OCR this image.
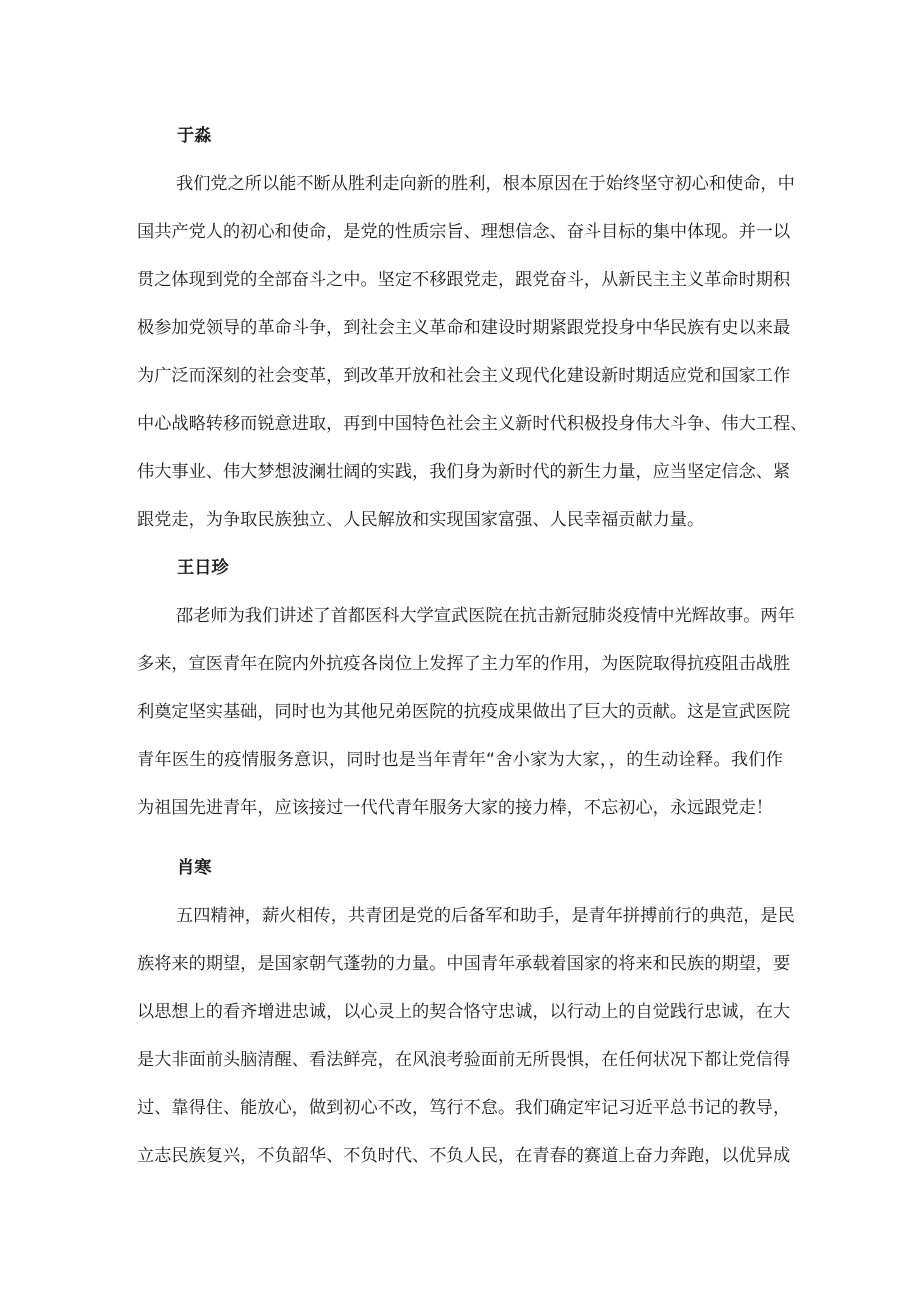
于淼

我们党之所以能不断从胜利走向新的胜利，根本原因在于始终坚守初心和使命，中

国共产党人的初心和使命，是党的性质宗旨、理想信念、奋斗目标的集中体现。并一以

贯之体现到党的全部奋斗之中。坚定不移跟党走，跟党奋斗，从新民主主义革命时期积

极参加党领导的革命斗争，到社会主义革命和建设时期紧跟党投身中华民族有史以来最

为广泛而深刻的社会变革，到改革开放和社会主义现代化建设新时期适应党和国家工作

中心战略转移而锐意进取，再到中国特色社会主义新时代积极投身伟大斗争、伟大工程、

伟大事业、伟大梦想波澜壮阔的实践，我们身为新时代的新生力量，应当坚定信念、紧

跟党走，为争取民族独立、人民解放和实现国家富强、人民幸福贡献力量。

王日珍

邵老师为我们讲述了首都医科大学宣武医院在抗击新冠肺炎疫情中光辉故事。两年

多来，宣医青年在院内外抗疫各岗位上发挥了主力军的作用，为医院取得抗疫阻击战胜

利奠定坚实基础，同时也为其他兄弟医院的抗疫成果做出了巨大的贡献。这是宣武医院

青年医生的疫情服务意识，同时也是当年青年“舍小家为大家，，的生动诠释。我们作

为祖国先进青年，应该接过一代代青年服务大家的接力棒，不忘初心，永远跟党走！

肖寒

五四精神，薪火相传，共青团是党的后备军和助手，是青年拼搏前行的典范，是民

族将来的期望，是国家朝气蓬勃的力量。中国青年承载着国家的将来和民族的期望，要

以思想上的看齐增进忠诚，以心灵上的契合恪守忠诚，以行动上的自觉践行忠诚，在大

是大非面前头脑清醒、看法鲜亮，在风浪考验面前无所畏惧，在任何状况下都让党信得

过、靠得住、能放心，做到初心不改，笃行不怠。我们确定牢记习近平总书记的教导，

立志民族复兴，不负韶华、不负时代、不负人民，在青春的赛道上奋力奔跑，以优异成
